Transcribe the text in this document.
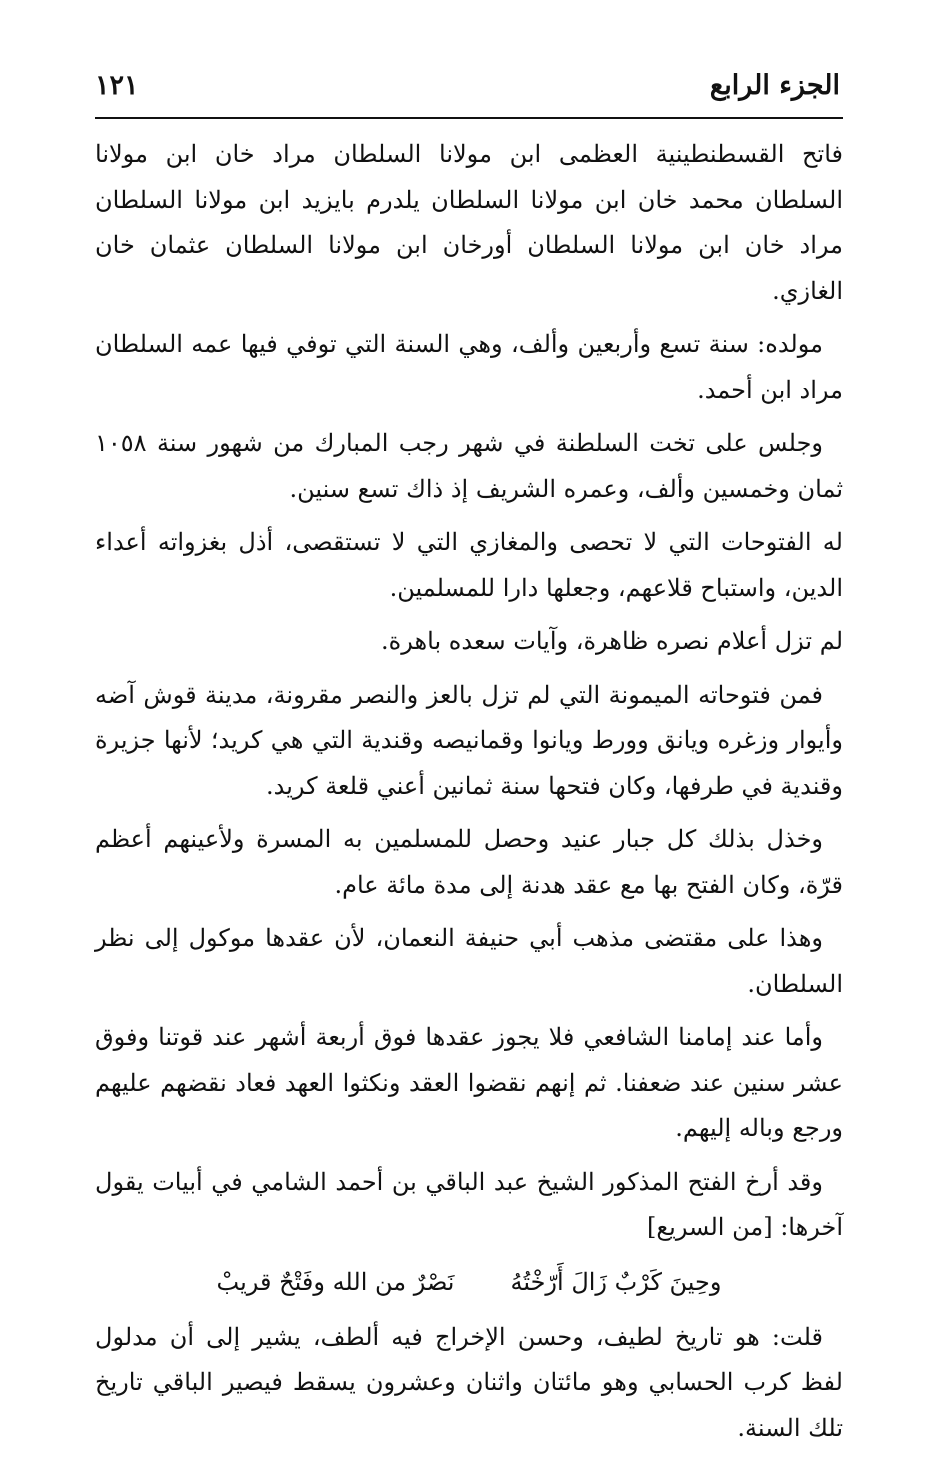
الجزء الرابع
١٢١

فاتح القسطنطينية العظمى ابن مولانا السلطان مراد خان ابن مولانا السلطان محمد خان ابن مولانا السلطان يلدرم بايزيد ابن مولانا السلطان مراد خان ابن مولانا السلطان أورخان ابن مولانا السلطان عثمان خان الغازي.

مولده: سنة تسع وأربعين وألف، وهي السنة التي توفي فيها عمه السلطان مراد ابن أحمد.

وجلس على تخت السلطنة في شهر رجب المبارك من شهور سنة ١٠٥٨ ثمان وخمسين وألف، وعمره الشريف إذ ذاك تسع سنين.

له الفتوحات التي لا تحصى والمغازي التي لا تستقصى، أذل بغزواته أعداء الدين، واستباح قلاعهم، وجعلها دارا للمسلمين.

لم تزل أعلام نصره ظاهرة، وآيات سعده باهرة.

فمن فتوحاته الميمونة التي لم تزل بالعز والنصر مقرونة، مدينة قوش آضه وأيوار وزغره ويانق وورط ويانوا وقمانيصه وقندية التي هي كريد؛ لأنها جزيرة وقندية في طرفها، وكان فتحها سنة ثمانين أعني قلعة كريد.

وخذل بذلك كل جبار عنيد وحصل للمسلمين به المسرة ولأعينهم أعظم قرّة، وكان الفتح بها مع عقد هدنة إلى مدة مائة عام.

وهذا على مقتضى مذهب أبي حنيفة النعمان، لأن عقدها موكول إلى نظر السلطان.

وأما عند إمامنا الشافعي فلا يجوز عقدها فوق أربعة أشهر عند قوتنا وفوق عشر سنين عند ضعفنا. ثم إنهم نقضوا العقد ونكثوا العهد فعاد نقضهم عليهم ورجع وباله إليهم.

وقد أرخ الفتح المذكور الشيخ عبد الباقي بن أحمد الشامي في أبيات يقول آخرها: [من السريع]

وحِينَ كَرْبٌ زَالَ أَرّخْتُهُ
نَصْرٌ من الله وفَتْحٌ قريبْ

قلت: هو تاريخ لطيف، وحسن الإخراج فيه ألطف، يشير إلى أن مدلول لفظ كرب الحسابي وهو مائتان واثنان وعشرون يسقط فيصير الباقي تاريخ تلك السنة.
